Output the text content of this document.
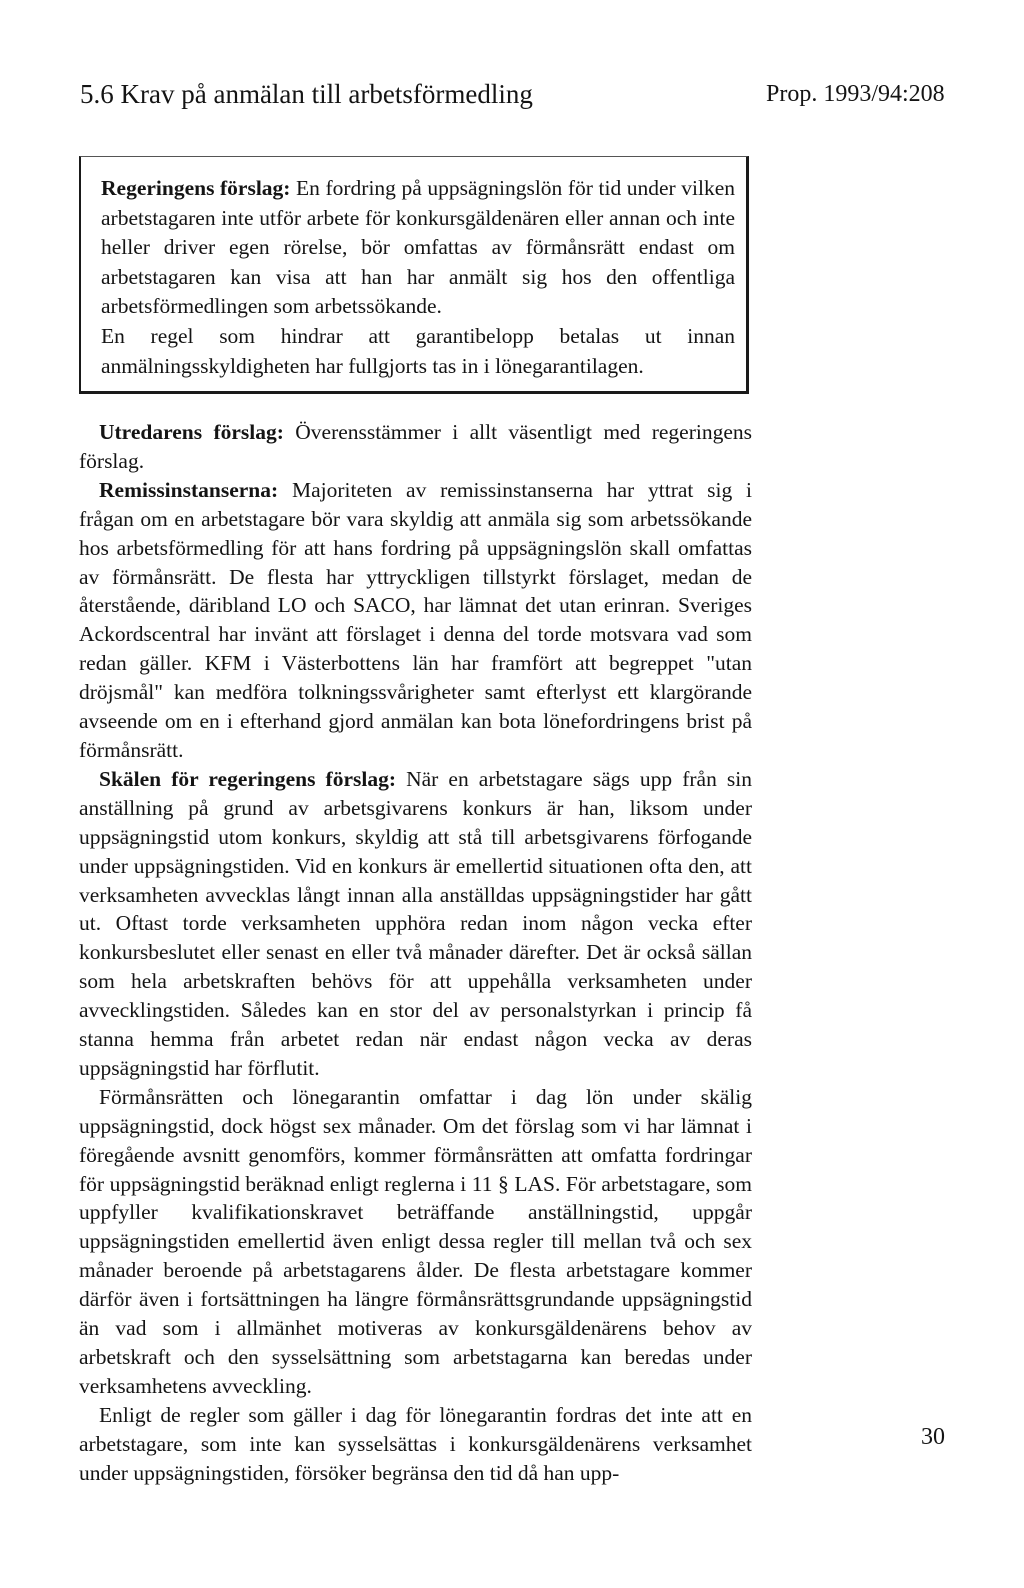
5.6 Krav på anmälan till arbetsförmedling	Prop. 1993/94:208

Regeringens förslag: En fordring på uppsägningslön för tid under vilken arbetstagaren inte utför arbete för konkursgäldenären eller annan och inte heller driver egen rörelse, bör omfattas av förmånsrätt endast om arbetstagaren kan visa att han har anmält sig hos den offentliga arbetsförmedlingen som arbetssökande.

En regel som hindrar att garantibelopp betalas ut innan anmälningsskyldigheten har fullgjorts tas in i lönegarantilagen.

Utredarens förslag: Överensstämmer i allt väsentligt med regeringens förslag.

Remissinstanserna: Majoriteten av remissinstanserna har yttrat sig i frågan om en arbetstagare bör vara skyldig att anmäla sig som arbetssökande hos arbetsförmedling för att hans fordring på uppsägningslön skall omfattas av förmånsrätt. De flesta har yttryckligen tillstyrkt förslaget, medan de återstående, däribland LO och SACO, har lämnat det utan erinran. Sveriges Ackordscentral har invänt att förslaget i denna del torde motsvara vad som redan gäller. KFM i Västerbottens län har framfört att begreppet "utan dröjsmål" kan medföra tolkningssvårigheter samt efterlyst ett klargörande avseende om en i efterhand gjord anmälan kan bota lönefordringens brist på förmånsrätt.

Skälen för regeringens förslag: När en arbetstagare sägs upp från sin anställning på grund av arbetsgivarens konkurs är han, liksom under uppsägningstid utom konkurs, skyldig att stå till arbetsgivarens förfogande under uppsägningstiden. Vid en konkurs är emellertid situationen ofta den, att verksamheten avvecklas långt innan alla anställdas uppsägningstider har gått ut. Oftast torde verksamheten upphöra redan inom någon vecka efter konkursbeslutet eller senast en eller två månader därefter. Det är också sällan som hela arbetskraften behövs för att uppehålla verksamheten under avvecklingstiden. Således kan en stor del av personalstyrkan i princip få stanna hemma från arbetet redan när endast någon vecka av deras uppsägningstid har förflutit.

Förmånsrätten och lönegarantin omfattar i dag lön under skälig uppsägningstid, dock högst sex månader. Om det förslag som vi har lämnat i föregående avsnitt genomförs, kommer förmånsrätten att omfatta fordringar för uppsägningstid beräknad enligt reglerna i 11 § LAS. För arbetstagare, som uppfyller kvalifikationskravet beträffande anställningstid, uppgår uppsägningstiden emellertid även enligt dessa regler till mellan två och sex månader beroende på arbetstagarens ålder. De flesta arbetstagare kommer därför även i fortsättningen ha längre förmånsrättsgrundande uppsägningstid än vad som i allmänhet motiveras av konkursgäldenärens behov av arbetskraft och den sysselsättning som arbetstagarna kan beredas under verksamhetens avveckling.

Enligt de regler som gäller i dag för lönegarantin fordras det inte att en arbetstagare, som inte kan sysselsättas i konkursgäldenärens verksamhet under uppsägningstiden, försöker begränsa den tid då han upp-

30
